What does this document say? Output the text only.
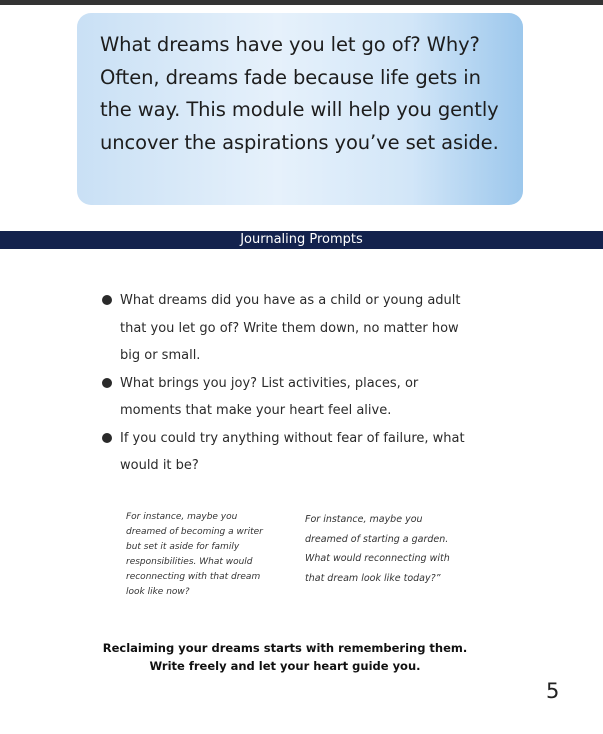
What dreams have you let go of? Why? Often, dreams fade because life gets in the way. This module will help you gently uncover the aspirations you’ve set aside.

Journaling Prompts
What dreams did you have as a child or young adult that you let go of? Write them down, no matter how big or small.
What brings you joy? List activities, places, or moments that make your heart feel alive.
If you could try anything without fear of failure, what would it be?

For instance, maybe you dreamed of becoming a writer but set it aside for family responsibilities. What would reconnecting with that dream look like now?

For instance, maybe you dreamed of starting a garden. What would reconnecting with that dream look like today?”

Reclaiming your dreams starts with remembering them.
Write freely and let your heart guide you.
5
